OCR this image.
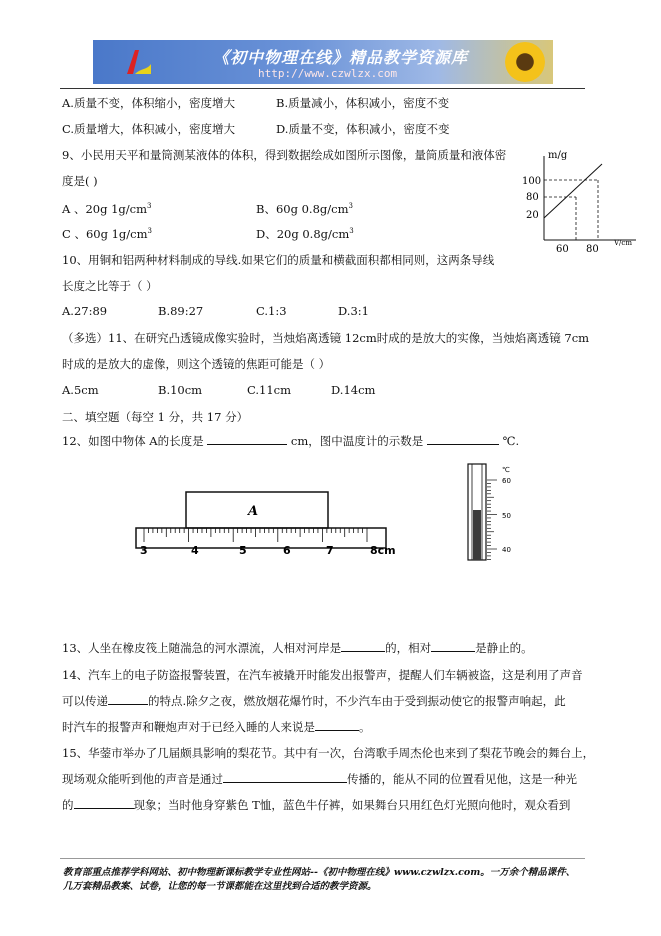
《初中物理在线》精品教学资源库
http://www.czwlzx.com
A.质量不变，体积缩小，密度增大	B.质量减小，体积减小，密度不变
C.质量增大，体积减小，密度增大	D.质量不变，体积减小，密度不变
9、小民用天平和量筒测某液体的体积，得到数据绘成如图所示图像，量筒质量和液体密
度是( )
A 、20g $1g/cm^3$	B、60g $0.8g/cm^3$
C 、60g $1g/cm^3$	D、20g $0.8g/cm^3$
m/g
100
80
20
60 80
V/cm
10、用铜和铝两种材料制成的导线.如果它们的质量和横截面积都相同则，这两条导线
长度之比等于（ ）
A.27:89	B.89:27	C.1:3	D.3:1
（多选）11、在研究凸透镜成像实验时，当烛焰离透镜 12cm时成的是放大的实像，当烛焰离透镜 7cm
时成的是放大的虚像，则这个透镜的焦距可能是（ ）
A.5cm	B.10cm	C.11cm	D.14cm
二、填空题（每空 1 分，共 17 分）
12、如图中物体 A的长度是	cm，图中温度计的示数是	℃.
A
3	4	5	6	7	8cm
℃
60
50
40
13、人坐在橡皮筏上随湍急的河水漂流，人相对河岸是	的，相对	是静止的。
14、汽车上的电子防盗报警装置，在汽车被撬开时能发出报警声，提醒人们车辆被盗，这是利用了声音
可以传递	的特点.除夕之夜，燃放烟花爆竹时，不少汽车由于受到振动使它的报警声响起，此
时汽车的报警声和鞭炮声对于已经入睡的人来说是	。
15、华蓥市举办了几届颇具影响的梨花节。其中有一次，台湾歌手周杰伦也来到了梨花节晚会的舞台上，
现场观众能听到他的声音是通过	传播的，能从不同的位置看见他，这是一种光
的	现象；当时他身穿紫色 T恤，蓝色牛仔裤，如果舞台只用红色灯光照向他时，观众看到
教育部重点推荐学科网站、初中物理新课标教学专业性网站--《初中物理在线》www.czwlzx.com。一万余个精品课件、
几万套精品教案、试卷，让您的每一节课都能在这里找到合适的教学资源。
